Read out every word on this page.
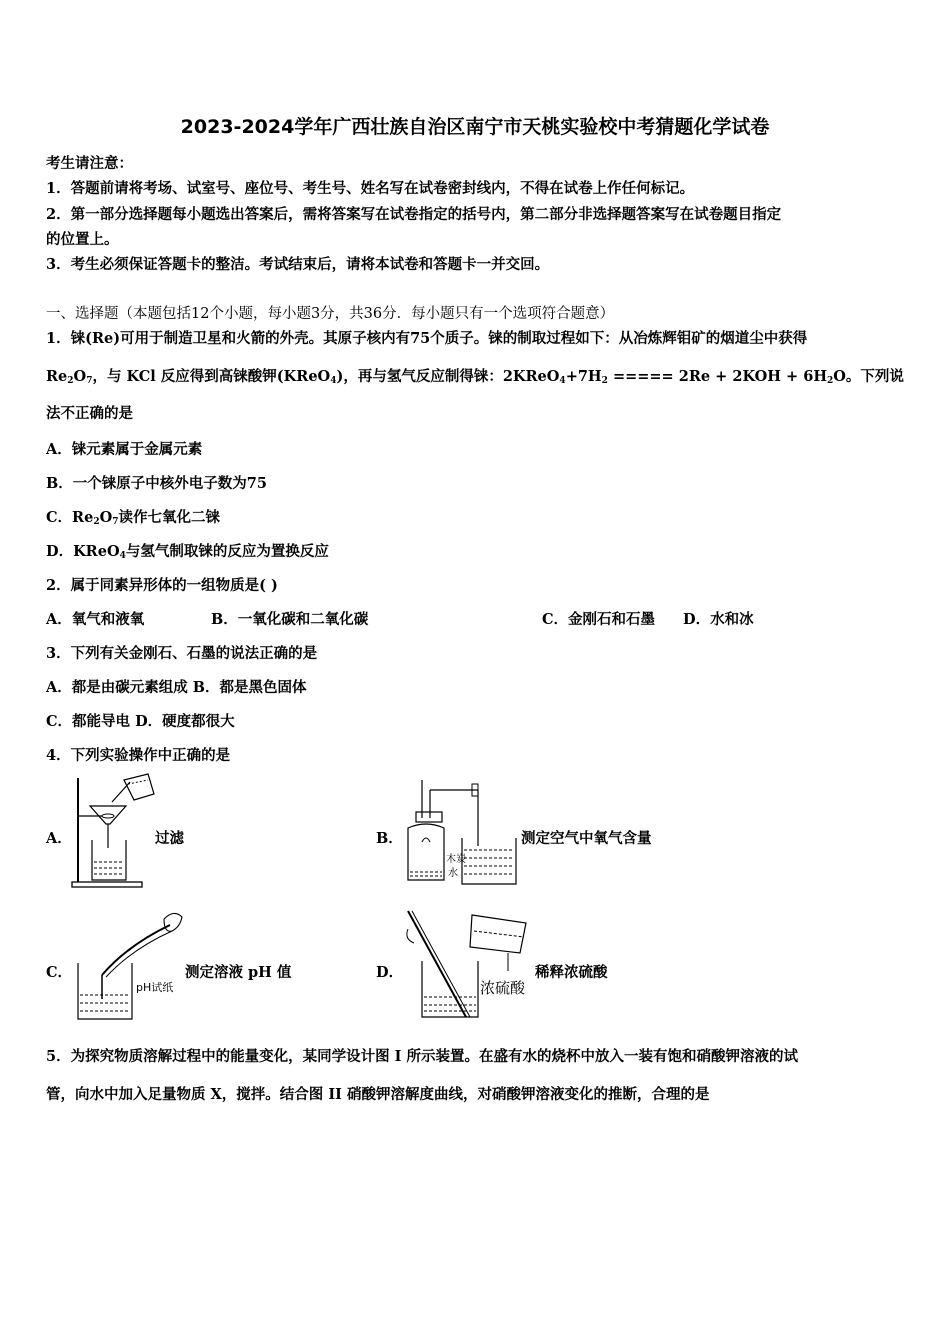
2023-2024学年广西壮族自治区南宁市天桃实验校中考猜题化学试卷
考生请注意：
1．答题前请将考场、试室号、座位号、考生号、姓名写在试卷密封线内，不得在试卷上作任何标记。
2．第一部分选择题每小题选出答案后，需将答案写在试卷指定的括号内，第二部分非选择题答案写在试卷题目指定
的位置上。
3．考生必须保证答题卡的整洁。考试结束后，请将本试卷和答题卡一并交回。
一、选择题（本题包括12个小题，每小题3分，共36分．每小题只有一个选项符合题意）
1．铼(Re)可用于制造卫星和火箭的外壳。其原子核内有75个质子。铼的制取过程如下：从冶炼辉钼矿的烟道尘中获得
$Re_2O_7$，与 KCl 反应得到高铼酸钾(KReO$_4$)，再与氢气反应制得铼：$2KReO_4+7H_2$ ===== $2Re + 2KOH + 6H_2O$。下列说
法不正确的是
A．铼元素属于金属元素
B．一个铼原子中核外电子数为75
C．$Re_2O_7$读作七氧化二铼
D．KReO$_4$与氢气制取铼的反应为置换反应
2．属于同素异形体的一组物质是( )
A．氧气和液氧	B．一氧化碳和二氧化碳	C．金刚石和石墨 D．水和冰
3．下列有关金刚石、石墨的说法正确的是
A．都是由碳元素组成 B．都是黑色固体
C．都能导电 D．硬度都很大
4．下列实验操作中正确的是
A．	过滤	B．
木炭
水
测定空气中氧气含量
C．
pH试纸
测定溶液 pH 值	D．
浓硫酸
稀释浓硫酸
5．为探究物质溶解过程中的能量变化，某同学设计图 I 所示装置。在盛有水的烧杯中放入一装有饱和硝酸钾溶液的试
管，向水中加入足量物质 X，搅拌。结合图 II 硝酸钾溶解度曲线，对硝酸钾溶液变化的推断，合理的是
